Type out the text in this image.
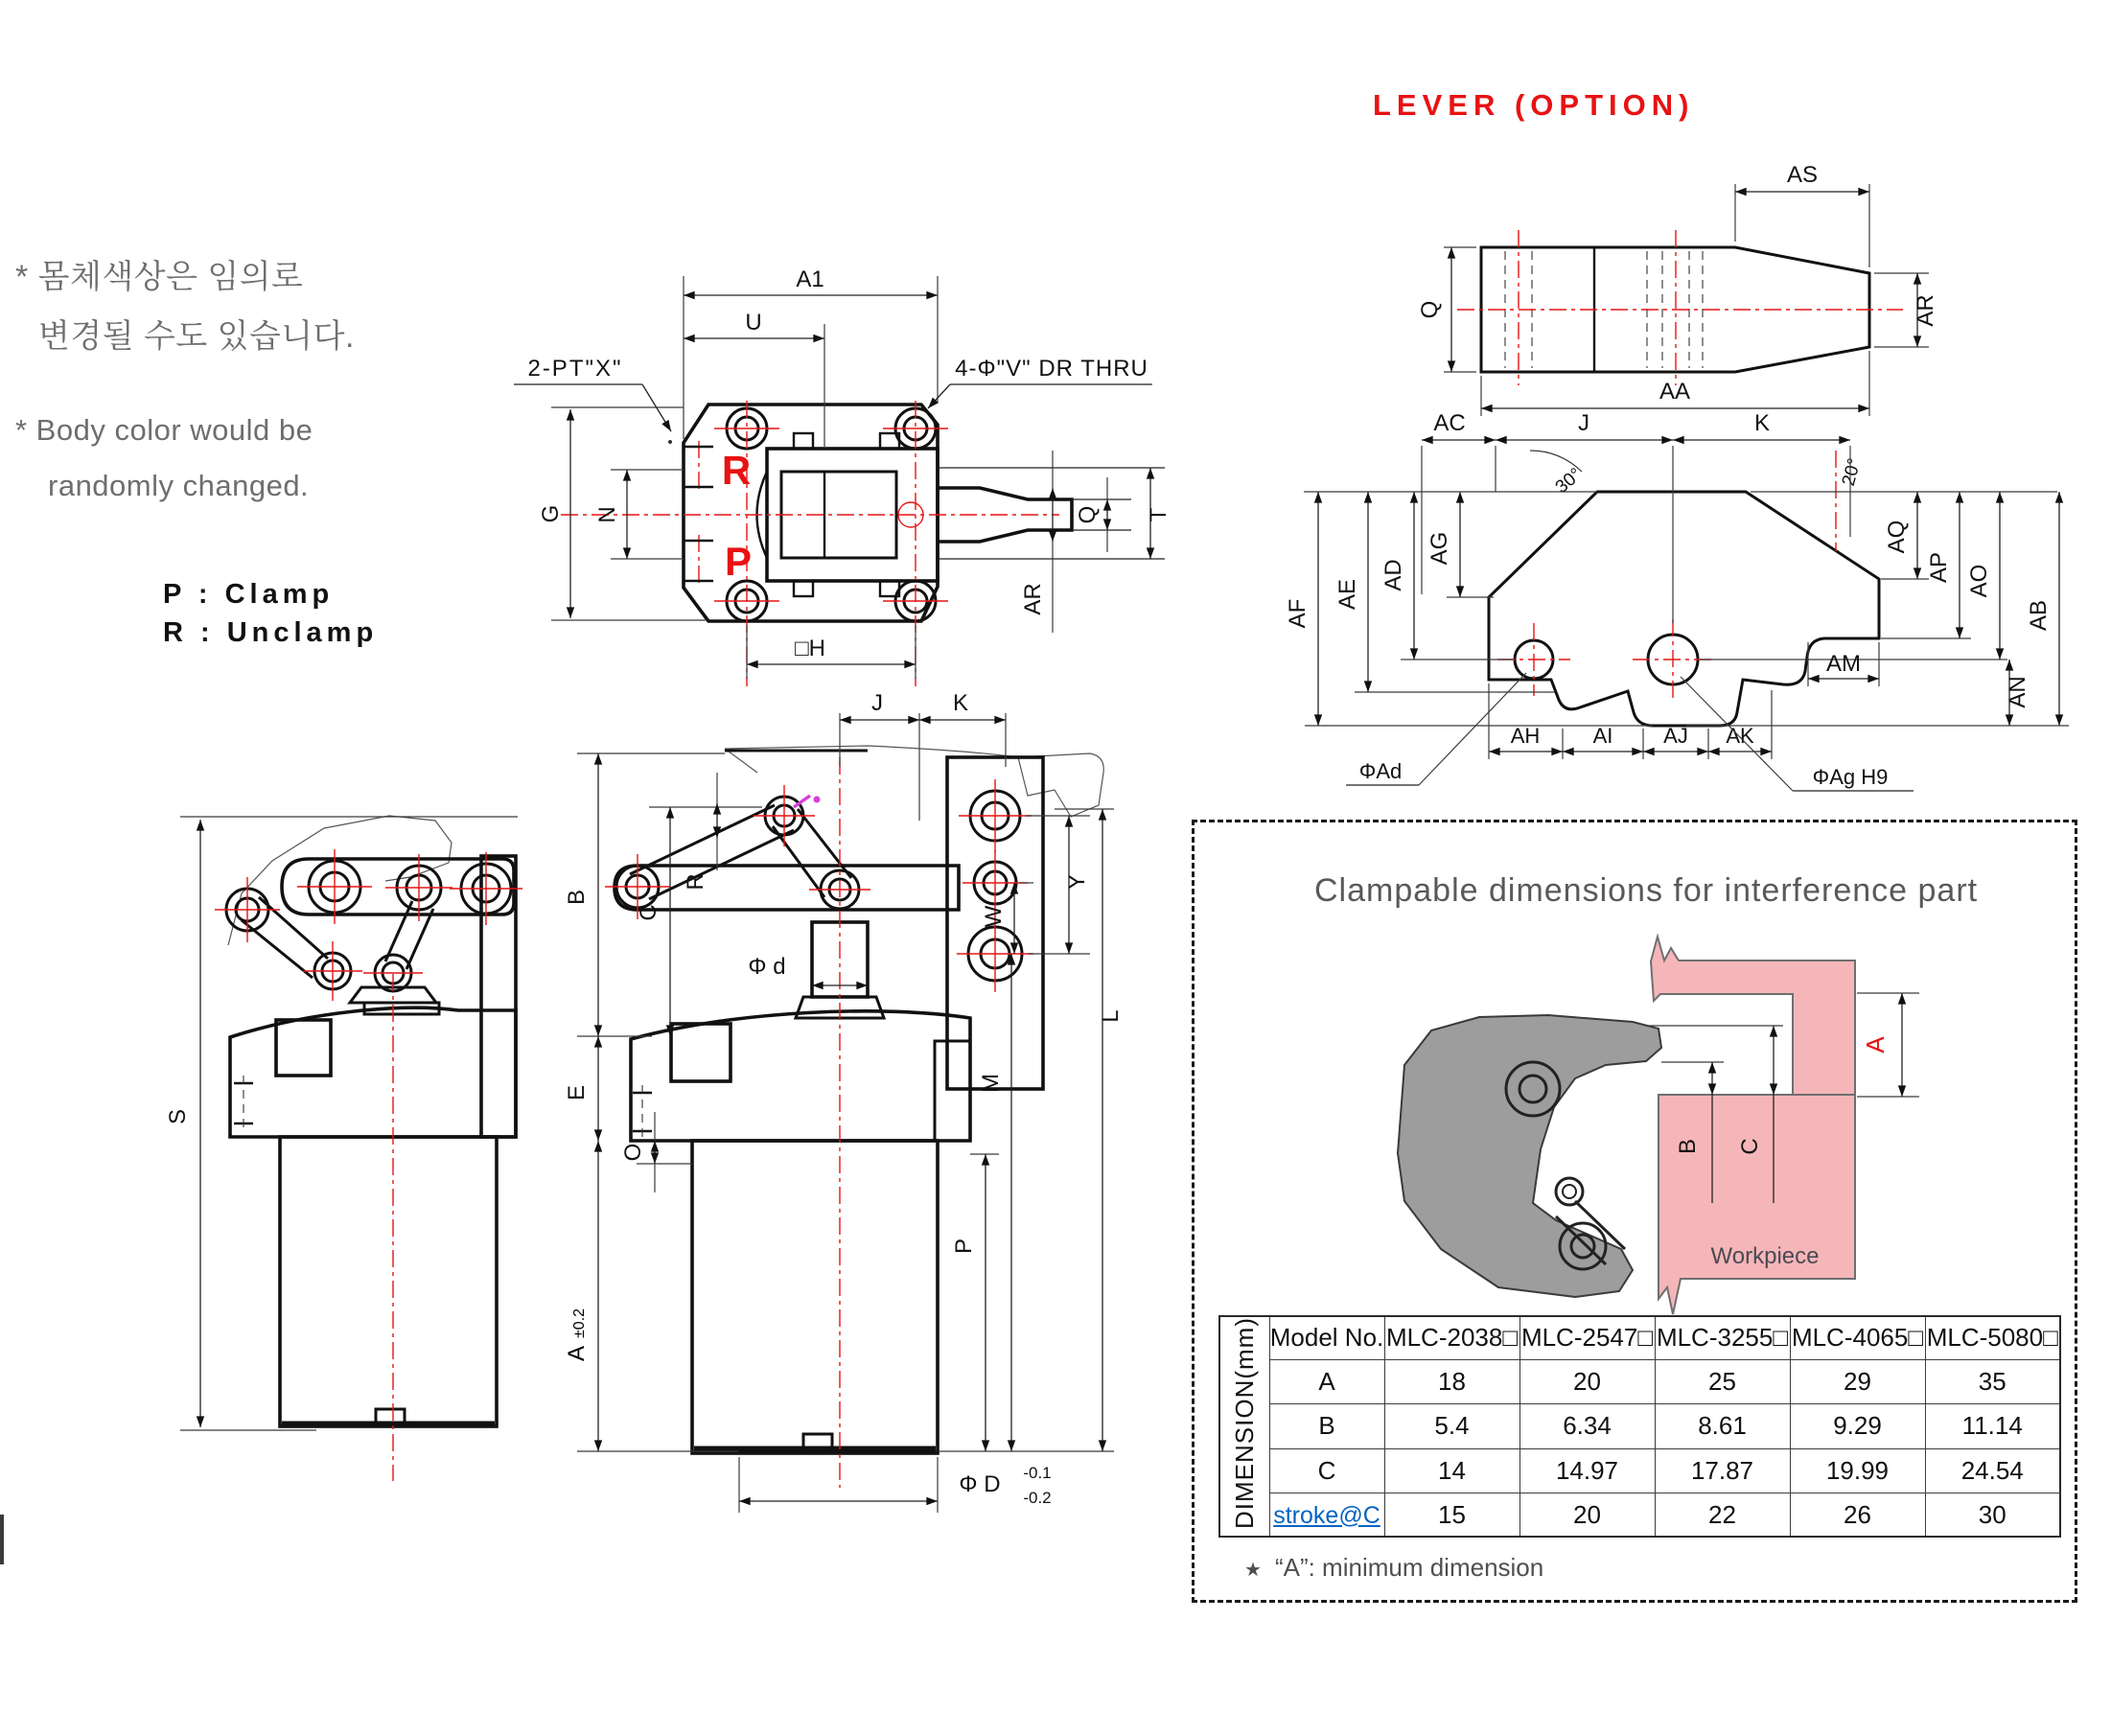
* 몸체색상은 임의로
변경될 수도 있습니다.
* Body color would be
randomly changed.
P : Clamp
R : Unclamp
A1
U
G N	T
Q
AR
□H
2-PT"X"	4-Φ"V" DR THRU
R
P
S
J	K
B
C
R
Φ d
E
O
A±0.2
Φ D -0.1
-0.2
Y
W
M
L
P
LEVER (OPTION)
Q
AS
AR
AA
30°	20°
AC	J	K
AF
AE
AD
AG	AQ
AP AO
AB
AM
AN
AH	AI AJ AK
ΦAd	ΦAg H9
Clampable dimensions for interference part
Workpiece
A
C
B
DIMENSION(mm)	Model No.	MLC-2038□	MLC-2547□	MLC-3255□	MLC-4065□	MLC-5080□
	A	18	20	25	29	35
	B	5.4	6.34	8.61	9.29	11.14
	C	14	14.97	17.87	19.99	24.54
	stroke@C	15	20	22	26	30
★ “A”: minimum dimension
